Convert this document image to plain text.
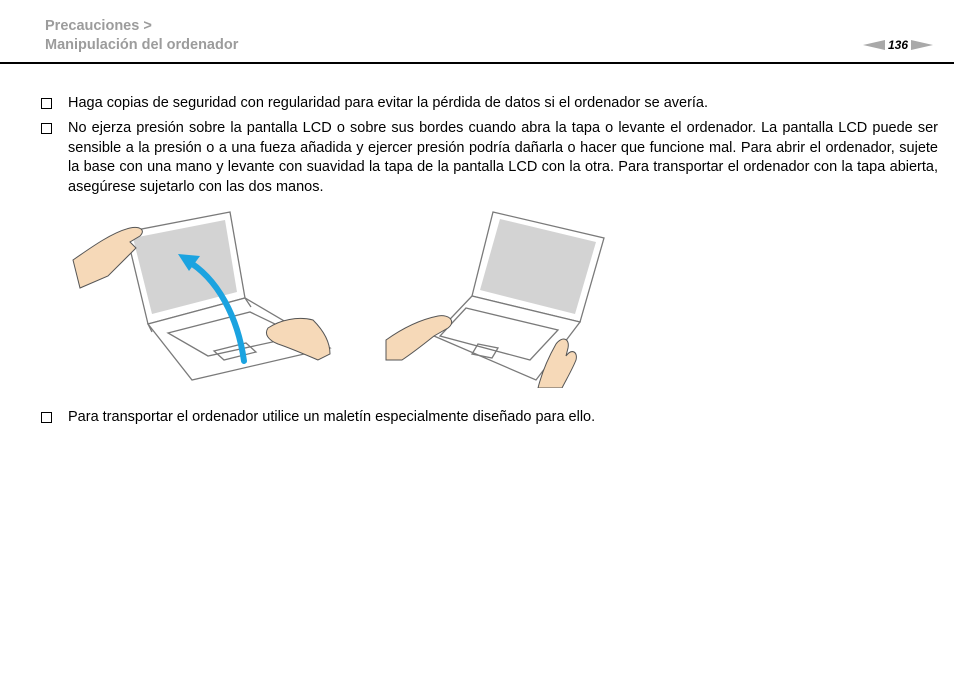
Precauciones >
Manipulación del ordenador	136
Haga copias de seguridad con regularidad para evitar la pérdida de datos si el ordenador se avería.
No ejerza presión sobre la pantalla LCD o sobre sus bordes cuando abra la tapa o levante el ordenador. La pantalla LCD puede ser sensible a la presión o a una fueza añadida y ejercer presión podría dañarla o hacer que funcione mal. Para abrir el ordenador, sujete la base con una mano y levante con suavidad la tapa de la pantalla LCD con la otra. Para transportar el ordenador con la tapa abierta, asegúrese sujetarlo con las dos manos.
Para transportar el ordenador utilice un maletín especialmente diseñado para ello.
